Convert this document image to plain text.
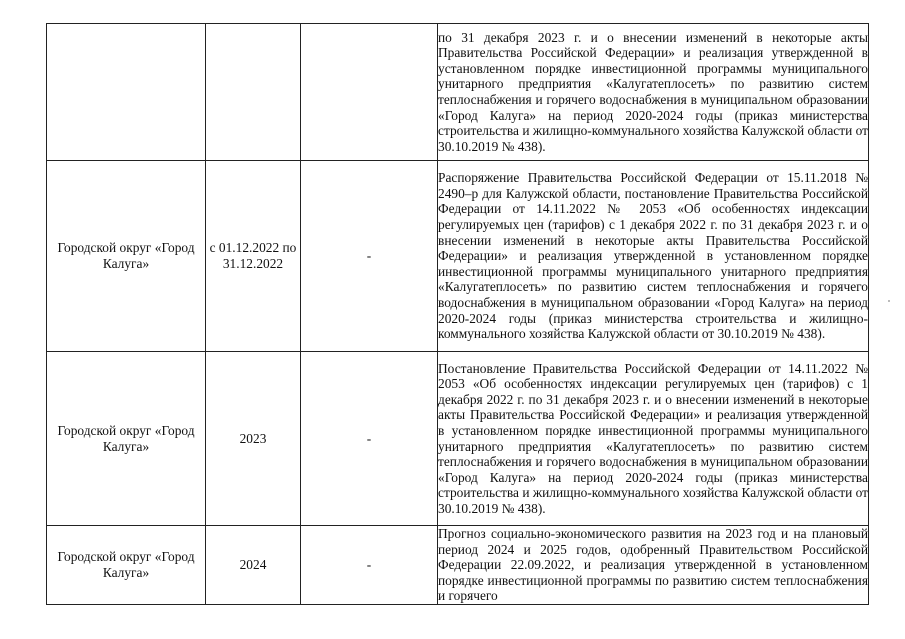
			по 31 декабря 2023 г. и о внесении изменений в некоторые акты Правительства Российской Федерации» и реализация утвержденной в установленном порядке инвестиционной программы муниципального унитарного предприятия «Калугатеплосеть» по развитию систем теплоснабжения и горячего водоснабжения в муниципальном образовании «Город Калуга» на период 2020-2024 годы (приказ министерства строительства и жилищно-коммунального хозяйства Калужской области от 30.10.2019 № 438).
Городской округ «Город Калуга»	с 01.12.2022 по 31.12.2022	-	Распоряжение Правительства Российской Федерации от 15.11.2018 № 2490–р для Калужской области, постановление Правительства Российской Федерации от 14.11.2022 № 2053 «Об особенностях индексации регулируемых цен (тарифов) с 1 декабря 2022 г. по 31 декабря 2023 г. и о внесении изменений в некоторые акты Правительства Российской Федерации» и реализация утвержденной в установленном порядке инвестиционной программы муниципального унитарного предприятия «Калугатеплосеть» по развитию систем теплоснабжения и горячего водоснабжения в муниципальном образовании «Город Калуга» на период 2020-2024 годы (приказ министерства строительства и жилищно-коммунального хозяйства Калужской области от 30.10.2019 № 438).
Городской округ «Город Калуга»	2023	-	Постановление Правительства Российской Федерации от 14.11.2022 № 2053 «Об особенностях индексации регулируемых цен (тарифов) с 1 декабря 2022 г. по 31 декабря 2023 г. и о внесении изменений в некоторые акты Правительства Российской Федерации» и реализация утвержденной в установленном порядке инвестиционной программы муниципального унитарного предприятия «Калугатеплосеть» по развитию систем теплоснабжения и горячего водоснабжения в муниципальном образовании «Город Калуга» на период 2020-2024 годы (приказ министерства строительства и жилищно-коммунального хозяйства Калужской области от 30.10.2019 № 438).
Городской округ «Город Калуга»	2024	-	Прогноз социально-экономического развития на 2023 год и на плановый период 2024 и 2025 годов, одобренный Правительством Российской Федерации 22.09.2022, и реализация утвержденной в установленном порядке инвестиционной программы по развитию систем теплоснабжения и горячего
